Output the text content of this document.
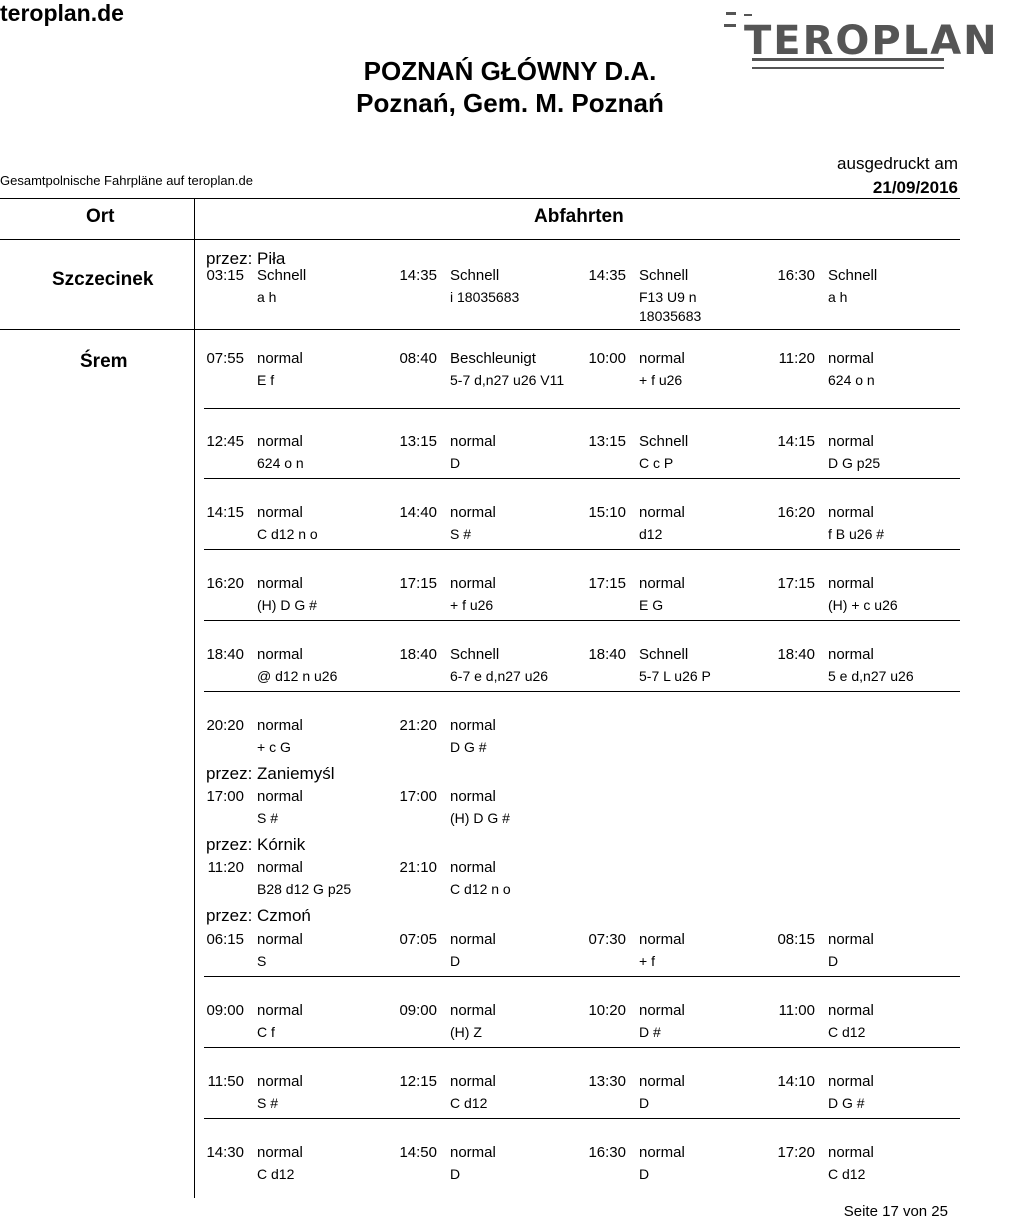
teroplan.de
TEROPLAN
POZNAŃ GŁÓWNY D.A.
Poznań, Gem. M. Poznań
Gesamtpolnische Fahrpläne auf teroplan.de
ausgedruckt am
21/09/2016
Ort	Abfahrten
Szczecinek
przez: Piła
03:15 Schnell
a h
14:35 Schnell
i 18035683
14:35 Schnell
F13 U9 n
18035683
16:30 Schnell
a h
Śrem	07:55 normal
E f
08:40 Beschleunigt
5-7 d,n27 u26 V11
10:00 normal
+ f u26
11:20 normal
624 o n
12:45 normal
624 o n
13:15 normal
D
13:15 Schnell
C c P
14:15 normal
D G p25
14:15 normal
C d12 n o
14:40 normal
S #
15:10 normal
d12
16:20 normal
f B u26 #
16:20 normal
(H) D G #
17:15 normal
+ f u26
17:15 normal
E G
17:15 normal
(H) + c u26
18:40 normal
@ d12 n u26
18:40 Schnell
6-7 e d,n27 u26
18:40 Schnell
5-7 L u26 P
18:40 normal
5 e d,n27 u26
20:20 normal
+ c G
21:20 normal
D G #
przez: Zaniemyśl
17:00 normal
S #
17:00 normal
(H) D G #
przez: Kórnik
11:20 normal
B28 d12 G p25
21:10 normal
C d12 n o
przez: Czmoń
06:15 normal
S
07:05 normal
D
07:30 normal
+ f
08:15 normal
D
09:00 normal
C f
09:00 normal
(H) Z
10:20 normal
D #
11:00 normal
C d12
11:50 normal
S #
12:15 normal
C d12
13:30 normal
D
14:10 normal
D G #
14:30 normal
C d12
14:50 normal
D
16:30 normal
D
17:20 normal
C d12
Seite 17 von 25
